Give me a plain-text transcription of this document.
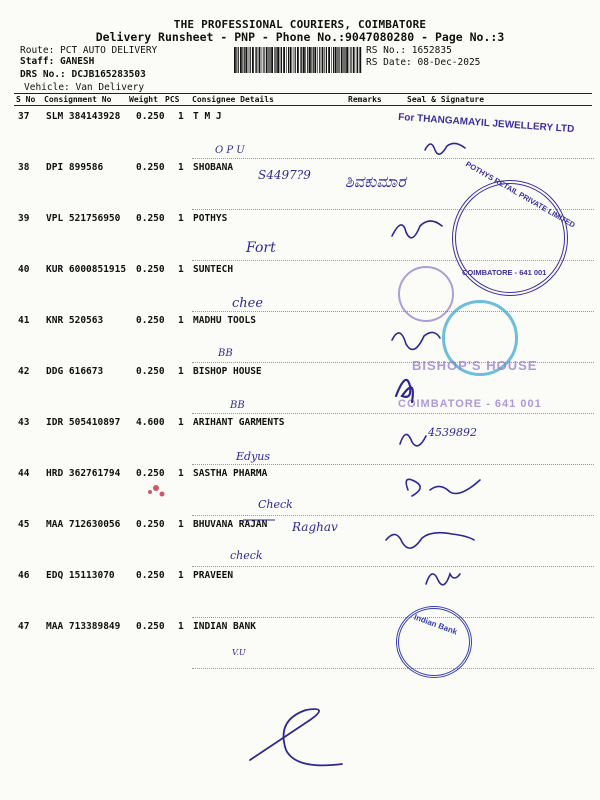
THE PROFESSIONAL COURIERS, COIMBATORE
Delivery Runsheet - PNP - Phone No.:9047080280 - Page No.:3
Route: PCT AUTO DELIVERY
Staff: GANESH
DRS No.: DCJB165283503
Vehicle: Van Delivery
RS No.: 1652835
RS Date: 08-Dec-2025
S No Consignment No Weight PCS Consignee Details	Remarks	Seal & Signature
37 SLM 384143928 0.250 1 T M J
38 DPI 899586	0.250 1 SHOBANA
39 VPL 521756950 0.250 1 POTHYS
40 KUR 6000851915 0.250 1 SUNTECH
41 KNR 520563	0.250 1 MADHU TOOLS
42 DDG 616673	0.250 1 BISHOP HOUSE
43 IDR 505410897 4.600 1 ARIHANT GARMENTS
44 HRD 362761794 0.250 1 SASTHA PHARMA
45 MAA 712630056 0.250 1 BHUVANA RAJAN
46 EDQ 15113070 0.250 1 PRAVEEN
47 MAA 713389849 0.250 1 INDIAN BANK
O P U
S4497?9 ಶಿವಕುಮಾರ
Fort
chee
BB
BB
Edyus
Check
Raghav
check
V.U
4539892
For THANGAMAYIL JEWELLERY LTD
POTHYS RETAIL PRIVATE LIMITED
COIMBATORE - 641 001
BISHOP'S HOUSE
COIMBATORE - 641 001
Indian Bank
